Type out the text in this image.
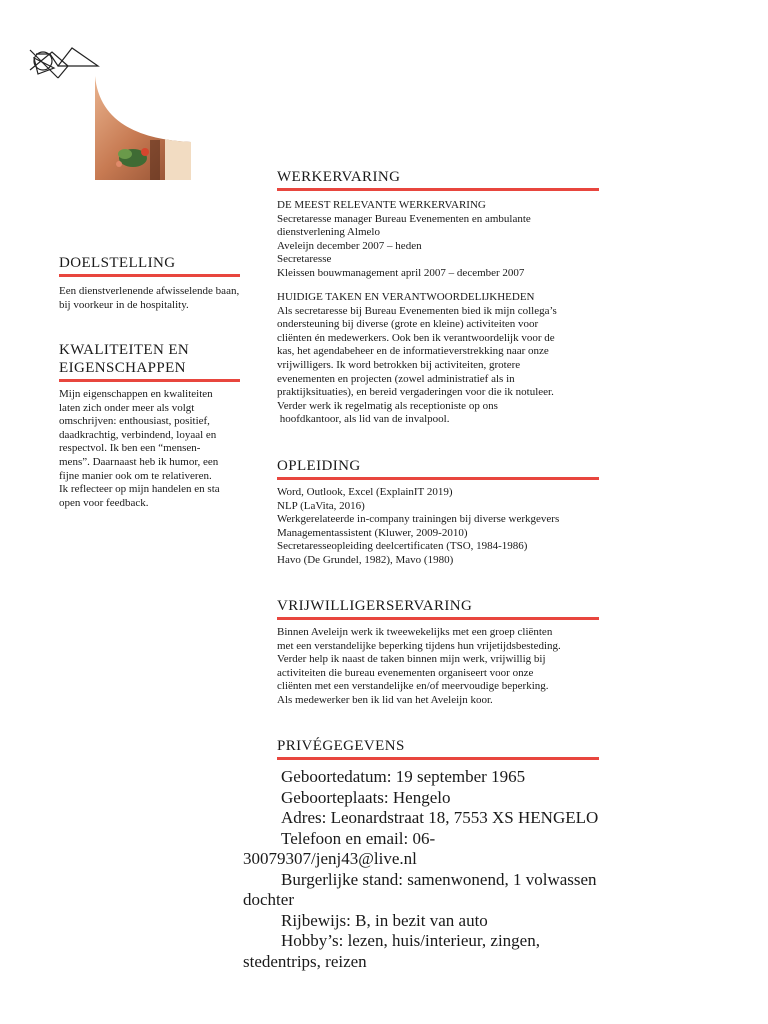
DOELSTELLING
Een dienstverlenende afwisselende baan, bij voorkeur in de hospitality.
KWALITEITEN EN
EIGENSCHAPPEN
Mijn eigenschappen en kwaliteiten
laten zich onder meer als volgt
omschrijven: enthousiast, positief,
daadkrachtig, verbindend, loyaal en
respectvol. Ik ben een “mensen-
mens”. Daarnaast heb ik humor, een
fijne manier ook om te relativeren.
Ik reflecteer op mijn handelen en sta
open voor feedback.
WERKERVARING
DE MEEST RELEVANTE WERKERVARING
Secretaresse manager Bureau Evenementen en ambulante
dienstverlening Almelo
Aveleijn december 2007 – heden
Secretaresse
Kleissen bouwmanagement april 2007 – december 2007
HUIDIGE TAKEN EN VERANTWOORDELIJKHEDEN
Als secretaresse bij Bureau Evenementen bied ik mijn collega’s
ondersteuning bij diverse (grote en kleine) activiteiten voor
cliënten én medewerkers. Ook ben ik verantwoordelijk voor de
kas, het agendabeheer en de informatieverstrekking naar onze
vrijwilligers. Ik word betrokken bij activiteiten, grotere
evenementen en projecten (zowel administratief als in
praktijksituaties), en bereid vergaderingen voor die ik notuleer.
Verder werk ik regelmatig als receptioniste op ons
hoofdkantoor, als lid van de invalpool.
OPLEIDING
Word, Outlook, Excel (ExplainIT 2019)
NLP (LaVita, 2016)
Werkgerelateerde in-company trainingen bij diverse werkgevers
Managementassistent (Kluwer, 2009-2010)
Secretaresseopleiding deelcertificaten (TSO, 1984-1986)
Havo (De Grundel, 1982), Mavo (1980)
VRIJWILLIGERSERVARING
Binnen Aveleijn werk ik tweewekelijks met een groep cliënten
met een verstandelijke beperking tijdens hun vrijetijdsbesteding.
Verder help ik naast de taken binnen mijn werk, vrijwillig bij
activiteiten die bureau evenementen organiseert voor onze
cliënten met een verstandelijke en/of meervoudige beperking.
Als medewerker ben ik lid van het Aveleijn koor.
PRIVÉGEGEVENS
Geboortedatum: 19 september 1965
Geboorteplaats: Hengelo
Adres: Leonardstraat 18, 7553 XS HENGELO
Telefoon en email: 06-30079307/jenj43@live.nl
Burgerlijke stand: samenwonend, 1 volwassen dochter
Rijbewijs: B, in bezit van auto
Hobby’s: lezen, huis/interieur, zingen, stedentrips, reizen
